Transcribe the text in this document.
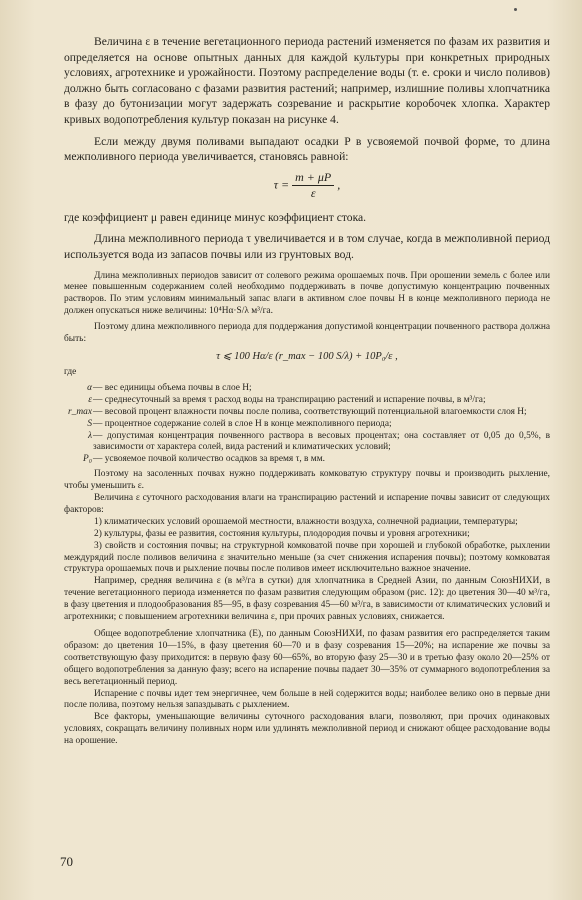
Величина ε в течение вегетационного периода растений изменяется по фазам их развития и определяется на основе опытных данных для каждой культуры при конкретных природных условиях, агротехнике и урожайности. Поэтому распределение воды (т. е. сроки и число поливов) должно быть согласовано с фазами развития растений; например, излишние поливы хлопчатника в фазу до бутонизации могут задержать созревание и раскрытие коробочек хлопка. Характер кривых водопотребления культур показан на рисунке 4.

Если между двумя поливами выпадают осадки P в усвояемой почвой форме, то длина межполивного периода увеличивается, становясь равной:

$\tau = \frac{m + \mu P}{\varepsilon}$ ,

где коэффициент μ равен единице минус коэффициент стока.

Длина межполивного периода τ увеличивается и в том случае, когда в межполивной период используется вода из запасов почвы или из грунтовых вод.

Длина межполивных периодов зависит от солевого режима орошаемых почв. При орошении земель с более или менее повышенным содержанием солей необходимо поддерживать в почве допустимую концентрацию почвенных растворов. По этим условиям минимальный запас влаги в активном слое почвы H в конце межполивного периода не должен опускаться ниже величины: 10⁴Hα·S/λ м³/га.

Поэтому длина межполивного периода для поддержания допустимой концентрации почвенного раствора должна быть:

τ ⩽ 100 Hα/ε (r_max − 100 S/λ) + 10P₀/ε ,
где
α — вес единицы объема почвы в слое H;
ε — среднесуточный за время τ расход воды на транспирацию растений и испарение почвы, в м³/га;
r_max — весовой процент влажности почвы после полива, соответствующий потенциальной влагоемкости слоя H;
S — процентное содержание солей в слое H в конце межполивного периода;
λ — допустимая концентрация почвенного раствора в весовых процентах; она составляет от 0,05 до 0,5%, в зависимости от характера солей, вида растений и климатических условий;
P₀ — усвояемое почвой количество осадков за время τ, в мм.

Поэтому на засоленных почвах нужно поддерживать комковатую структуру почвы и производить рыхление, чтобы уменьшить ε.

Величина ε суточного расходования влаги на транспирацию растений и испарение почвы зависит от следующих факторов:

1) климатических условий орошаемой местности, влажности воздуха, солнечной радиации, температуры;

2) культуры, фазы ее развития, состояния культуры, плодородия почвы и уровня агротехники;

3) свойств и состояния почвы; на структурной комковатой почве при хорошей и глубокой обработке, рыхлении междурядий после поливов величина ε значительно меньше (за счет снижения испарения почвы); поэтому комковатая структура орошаемых почв и рыхление почвы после поливов имеет исключительно важное значение.

Например, средняя величина ε (в м³/га в сутки) для хлопчатника в Средней Азии, по данным СоюзНИХИ, в течение вегетационного периода изменяется по фазам развития следующим образом (рис. 12): до цветения 30—40 м³/га, в фазу цветения и плодообразования 85—95, в фазу созревания 45—60 м³/га, в зависимости от климатических условий и агротехники; с повышением агротехники величина ε, при прочих равных условиях, снижается.

Общее водопотребление хлопчатника (E), по данным СоюзНИХИ, по фазам развития его распределяется таким образом: до цветения 10—15%, в фазу цветения 60—70 и в фазу созревания 15—20%; на испарение же почвы за соответствующую фазу приходится: в первую фазу 60—65%, во вторую фазу 25—30 и в третью фазу около 20—25% от общего водопотребления за данную фазу; всего на испарение почвы падает 30—35% от суммарного водопотребления за весь вегетационный период.

Испарение с почвы идет тем энергичнее, чем больше в ней содержится воды; наиболее велико оно в первые дни после полива, поэтому нельзя запаздывать с рыхлением.

Все факторы, уменьшающие величины суточного расходования влаги, позволяют, при прочих одинаковых условиях, сокращать величину поливных норм или удлинять межполивной период и снижают общее расходование воды на орошение.

70
